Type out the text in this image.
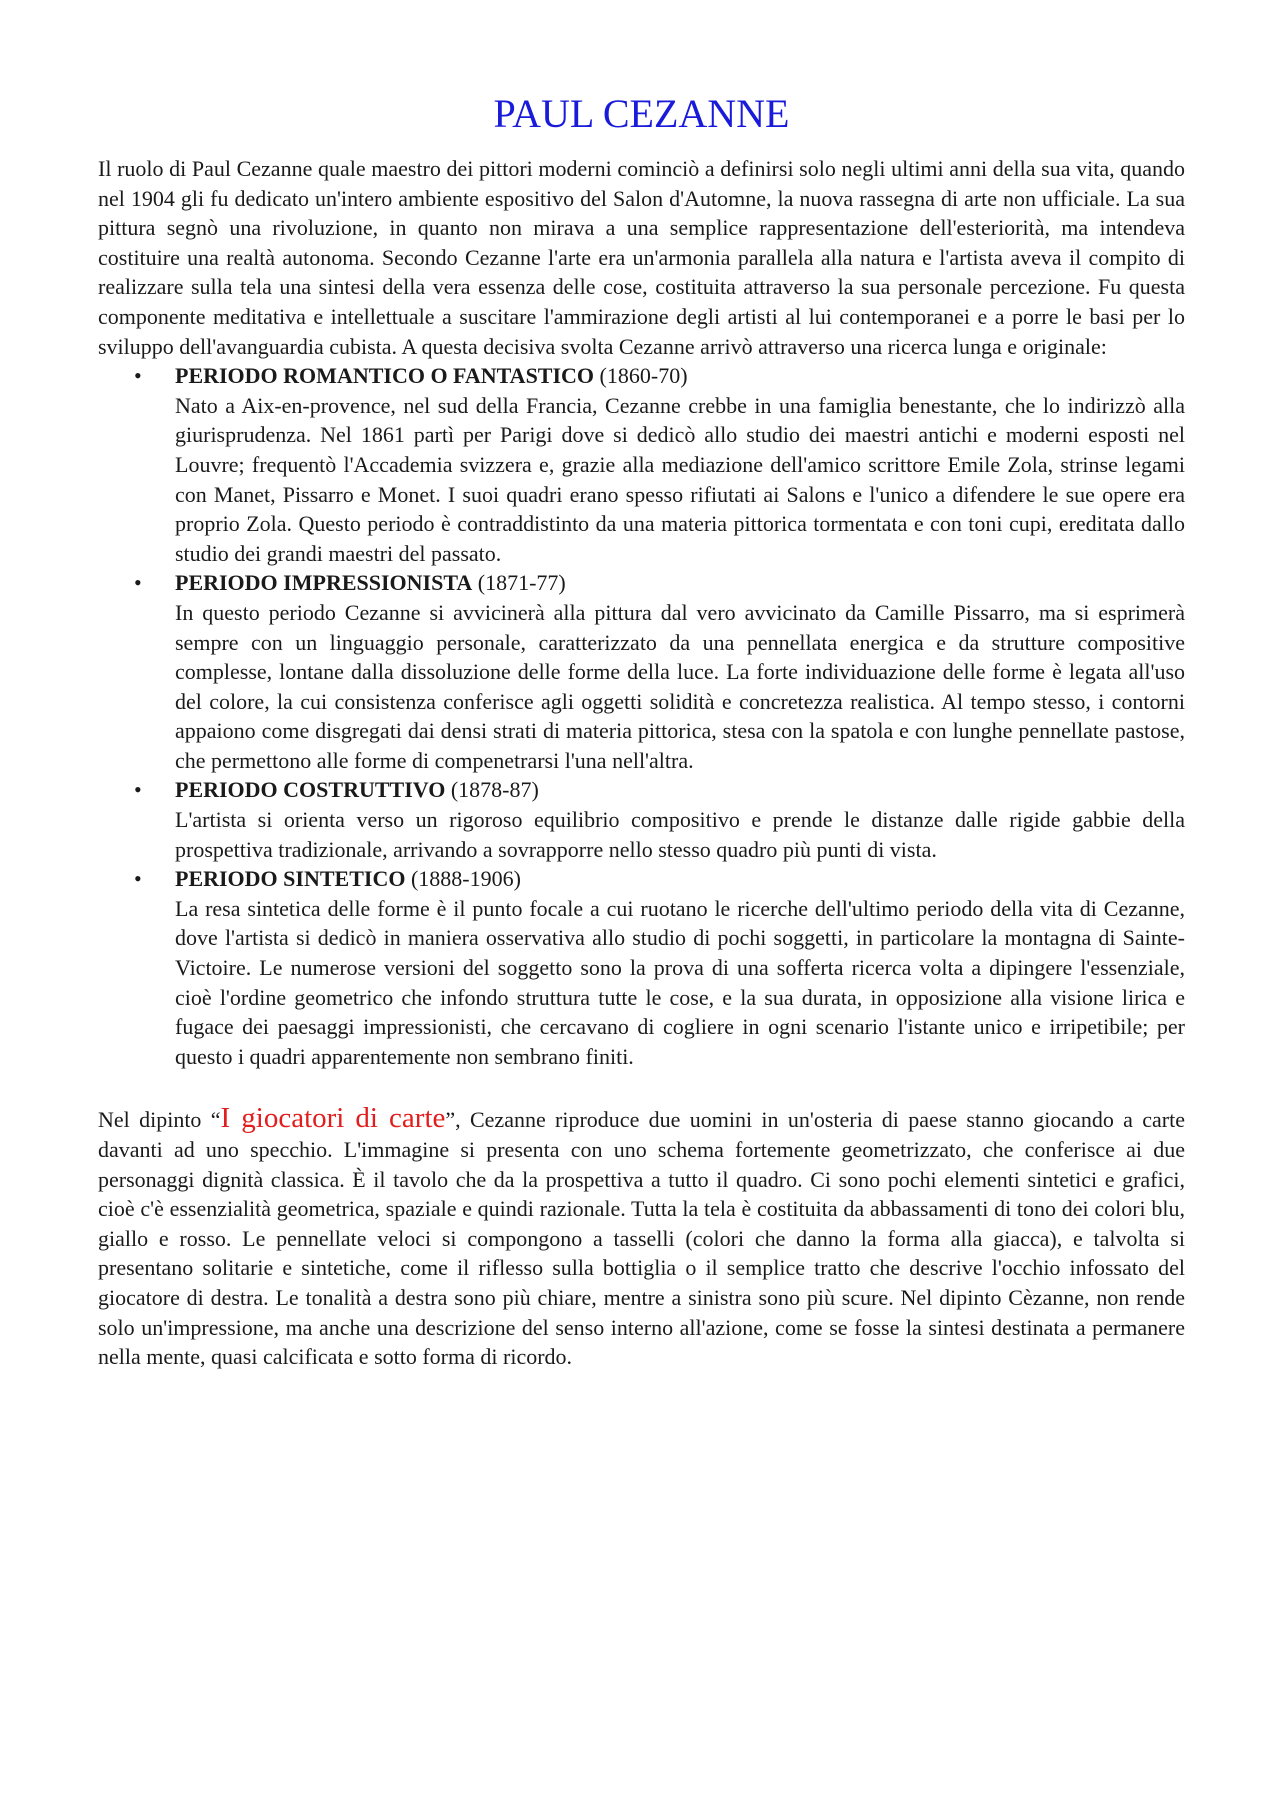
PAUL CEZANNE

Il ruolo di Paul Cezanne quale maestro dei pittori moderni cominciò a definirsi solo negli ultimi anni della sua vita, quando nel 1904 gli fu dedicato un'intero ambiente espositivo del Salon d'Automne, la nuova rassegna di arte non ufficiale. La sua pittura segnò una rivoluzione, in quanto non mirava a una semplice rappresentazione dell'esteriorità, ma intendeva costituire una realtà autonoma. Secondo Cezanne l'arte era un'armonia parallela alla natura e l'artista aveva il compito di realizzare sulla tela una sintesi della vera essenza delle cose, costituita attraverso la sua personale percezione. Fu questa componente meditativa e intellettuale a suscitare l'ammirazione degli artisti al lui contemporanei e a porre le basi per lo sviluppo dell'avanguardia cubista. A questa decisiva svolta Cezanne arrivò attraverso una ricerca lunga e originale:

• PERIODO ROMANTICO O FANTASTICO (1860-70)

Nato a Aix-en-provence, nel sud della Francia, Cezanne crebbe in una famiglia benestante, che lo indirizzò alla giurisprudenza. Nel 1861 partì per Parigi dove si dedicò allo studio dei maestri antichi e moderni esposti nel Louvre; frequentò l'Accademia svizzera e, grazie alla mediazione dell'amico scrittore Emile Zola, strinse legami con Manet, Pissarro e Monet. I suoi quadri erano spesso rifiutati ai Salons e l'unico a difendere le sue opere era proprio Zola. Questo periodo è contraddistinto da una materia pittorica tormentata e con toni cupi, ereditata dallo studio dei grandi maestri del passato.

• PERIODO IMPRESSIONISTA (1871-77)

In questo periodo Cezanne si avvicinerà alla pittura dal vero avvicinato da Camille Pissarro, ma si esprimerà sempre con un linguaggio personale, caratterizzato da una pennellata energica e da strutture compositive complesse, lontane dalla dissoluzione delle forme della luce. La forte individuazione delle forme è legata all'uso del colore, la cui consistenza conferisce agli oggetti solidità e concretezza realistica. Al tempo stesso, i contorni appaiono come disgregati dai densi strati di materia pittorica, stesa con la spatola e con lunghe pennellate pastose, che permettono alle forme di compenetrarsi l'una nell'altra.

• PERIODO COSTRUTTIVO (1878-87)

L'artista si orienta verso un rigoroso equilibrio compositivo e prende le distanze dalle rigide gabbie della prospettiva tradizionale, arrivando a sovrapporre nello stesso quadro più punti di vista.

• PERIODO SINTETICO (1888-1906)

La resa sintetica delle forme è il punto focale a cui ruotano le ricerche dell'ultimo periodo della vita di Cezanne, dove l'artista si dedicò in maniera osservativa allo studio di pochi soggetti, in particolare la montagna di Sainte-Victoire. Le numerose versioni del soggetto sono la prova di una sofferta ricerca volta a dipingere l'essenziale, cioè l'ordine geometrico che infondo struttura tutte le cose, e la sua durata, in opposizione alla visione lirica e fugace dei paesaggi impressionisti, che cercavano di cogliere in ogni scenario l'istante unico e irripetibile; per questo i quadri apparentemente non sembrano finiti.

Nel dipinto “I giocatori di carte”, Cezanne riproduce due uomini in un'osteria di paese stanno giocando a carte davanti ad uno specchio. L'immagine si presenta con uno schema fortemente geometrizzato, che conferisce ai due personaggi dignità classica. È il tavolo che da la prospettiva a tutto il quadro. Ci sono pochi elementi sintetici e grafici, cioè c'è essenzialità geometrica, spaziale e quindi razionale. Tutta la tela è costituita da abbassamenti di tono dei colori blu, giallo e rosso. Le pennellate veloci si compongono a tasselli (colori che danno la forma alla giacca), e talvolta si presentano solitarie e sintetiche, come il riflesso sulla bottiglia o il semplice tratto che descrive l'occhio infossato del giocatore di destra. Le tonalità a destra sono più chiare, mentre a sinistra sono più scure. Nel dipinto Cèzanne, non rende solo un'impressione, ma anche una descrizione del senso interno all'azione, come se fosse la sintesi destinata a permanere nella mente, quasi calcificata e sotto forma di ricordo.
